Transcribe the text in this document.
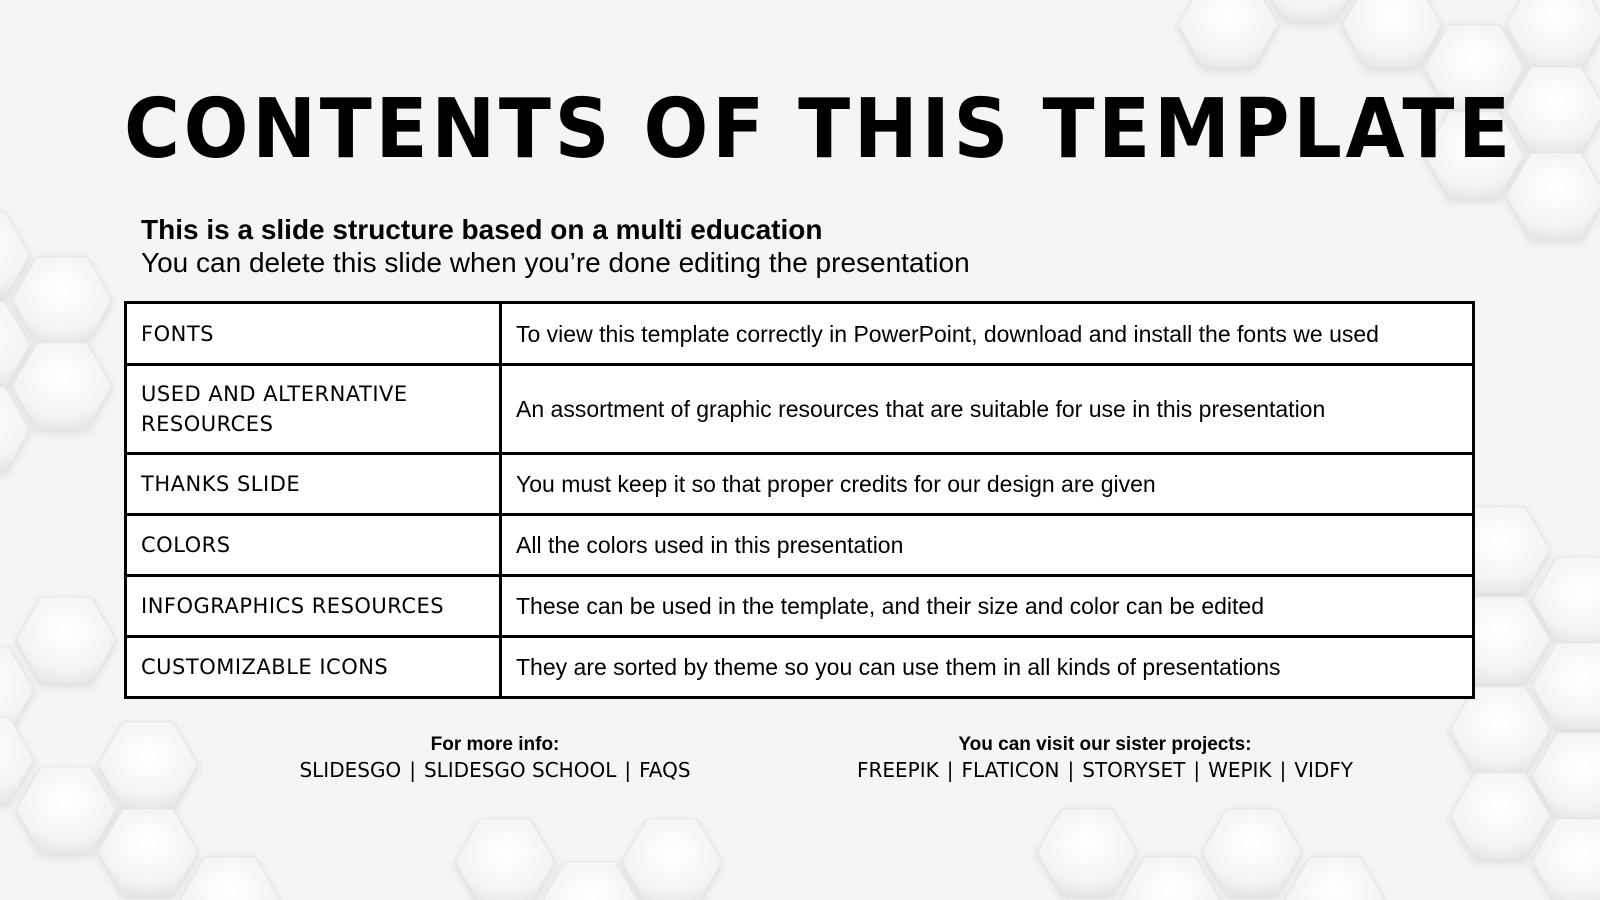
CONTENTS OF THIS TEMPLATE
This is a slide structure based on a multi education
You can delete this slide when you’re done editing the presentation
FONTS	To view this template correctly in PowerPoint, download and install the fonts we used
USED AND ALTERNATIVE RESOURCES	An assortment of graphic resources that are suitable for use in this presentation
THANKS SLIDE	You must keep it so that proper credits for our design are given
COLORS	All the colors used in this presentation
INFOGRAPHICS RESOURCES	These can be used in the template, and their size and color can be edited
CUSTOMIZABLE ICONS	They are sorted by theme so you can use them in all kinds of presentations
For more info:
SLIDESGO | SLIDESGO SCHOOL | FAQS
You can visit our sister projects:
FREEPIK | FLATICON | STORYSET | WEPIK | VIDFY
